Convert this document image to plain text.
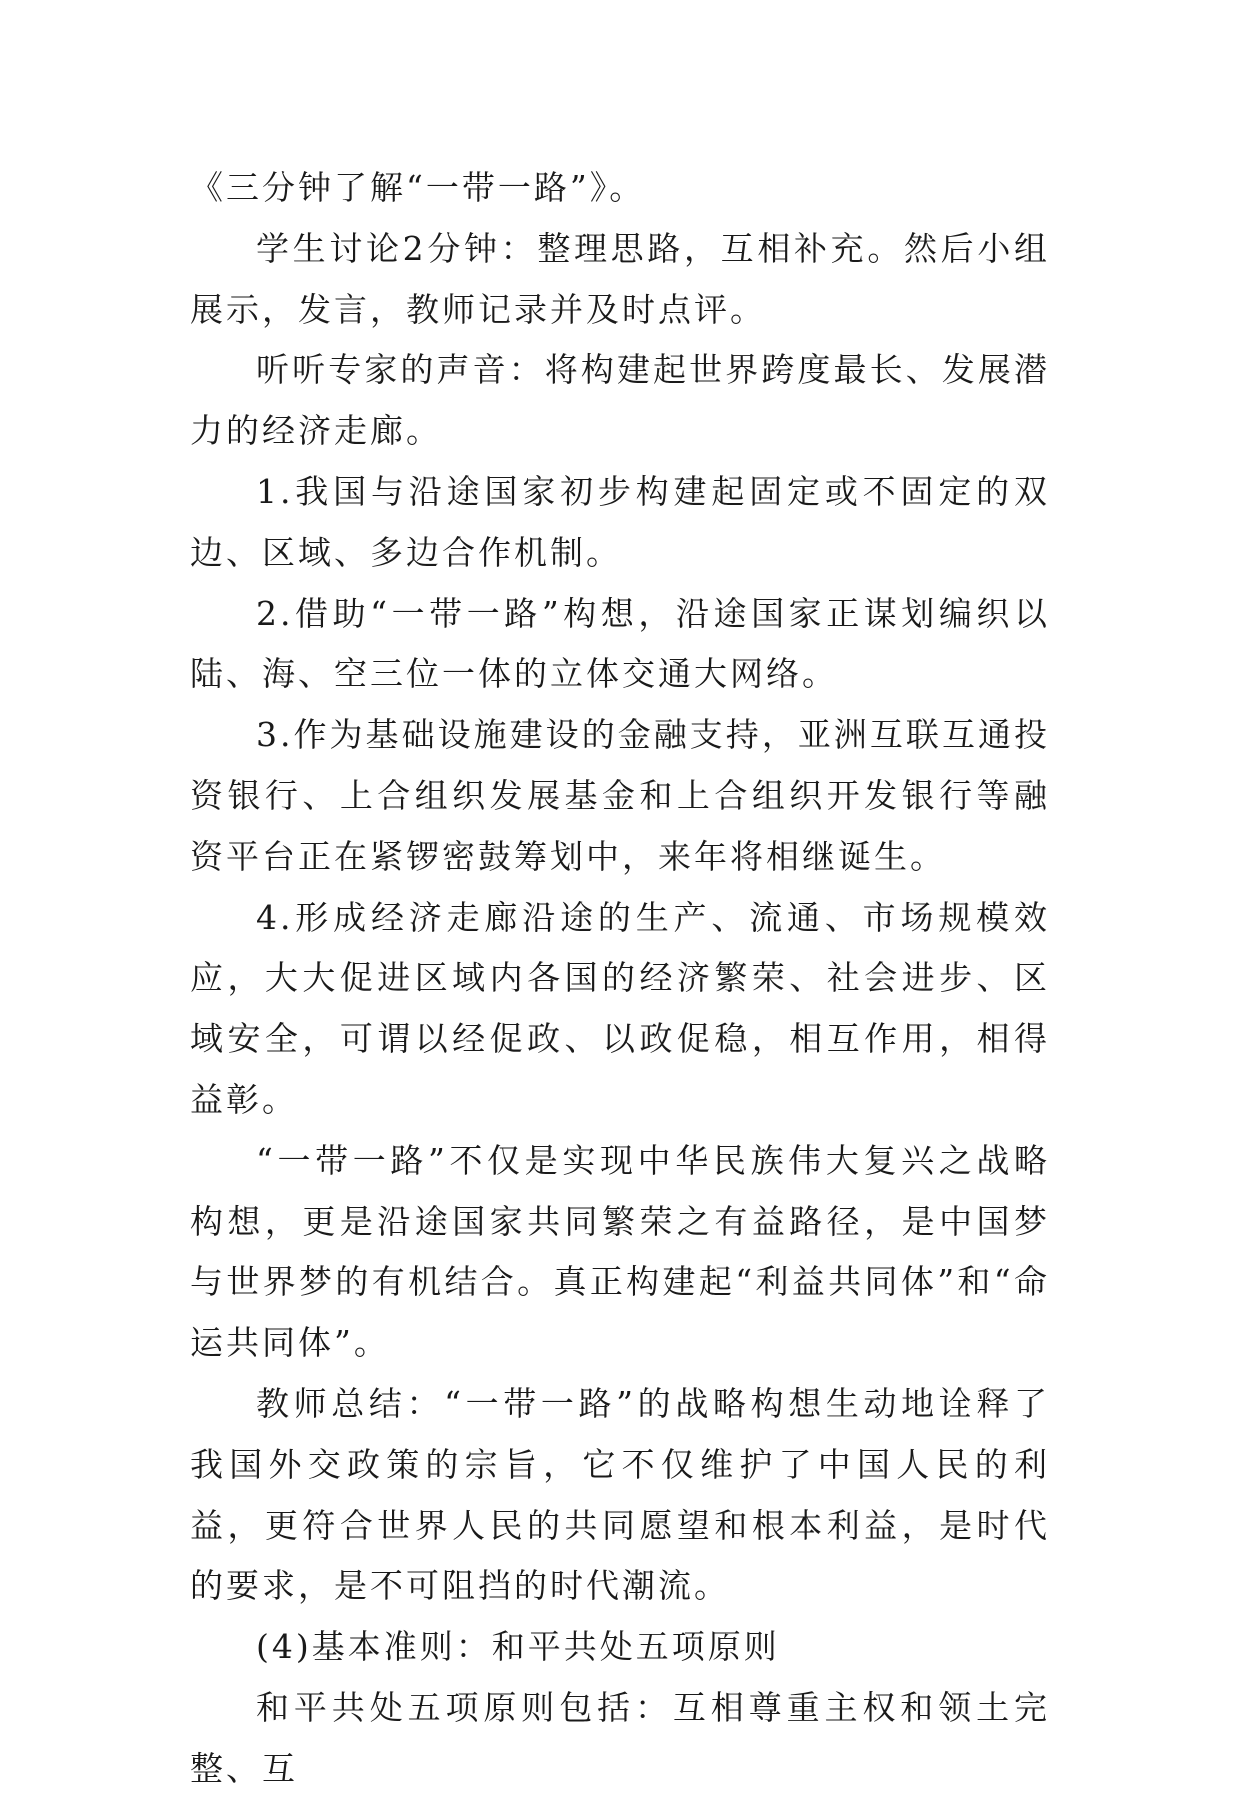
《三分钟了解“一带一路”》。

学生讨论2分钟：整理思路，互相补充。然后小组展示，发言，教师记录并及时点评。

听听专家的声音：将构建起世界跨度最长、发展潜力的经济走廊。

1.我国与沿途国家初步构建起固定或不固定的双边、区域、多边合作机制。

2.借助“一带一路”构想，沿途国家正谋划编织以陆、海、空三位一体的立体交通大网络。

3.作为基础设施建设的金融支持，亚洲互联互通投资银行、上合组织发展基金和上合组织开发银行等融资平台正在紧锣密鼓筹划中，来年将相继诞生。

4.形成经济走廊沿途的生产、流通、市场规模效应，大大促进区域内各国的经济繁荣、社会进步、区域安全，可谓以经促政、以政促稳，相互作用，相得益彰。

“一带一路”不仅是实现中华民族伟大复兴之战略构想，更是沿途国家共同繁荣之有益路径，是中国梦与世界梦的有机结合。真正构建起“利益共同体”和“命运共同体”。

教师总结：“一带一路”的战略构想生动地诠释了我国外交政策的宗旨，它不仅维护了中国人民的利益，更符合世界人民的共同愿望和根本利益，是时代的要求，是不可阻挡的时代潮流。

(4)基本准则：和平共处五项原则

和平共处五项原则包括：互相尊重主权和领土完整、互
